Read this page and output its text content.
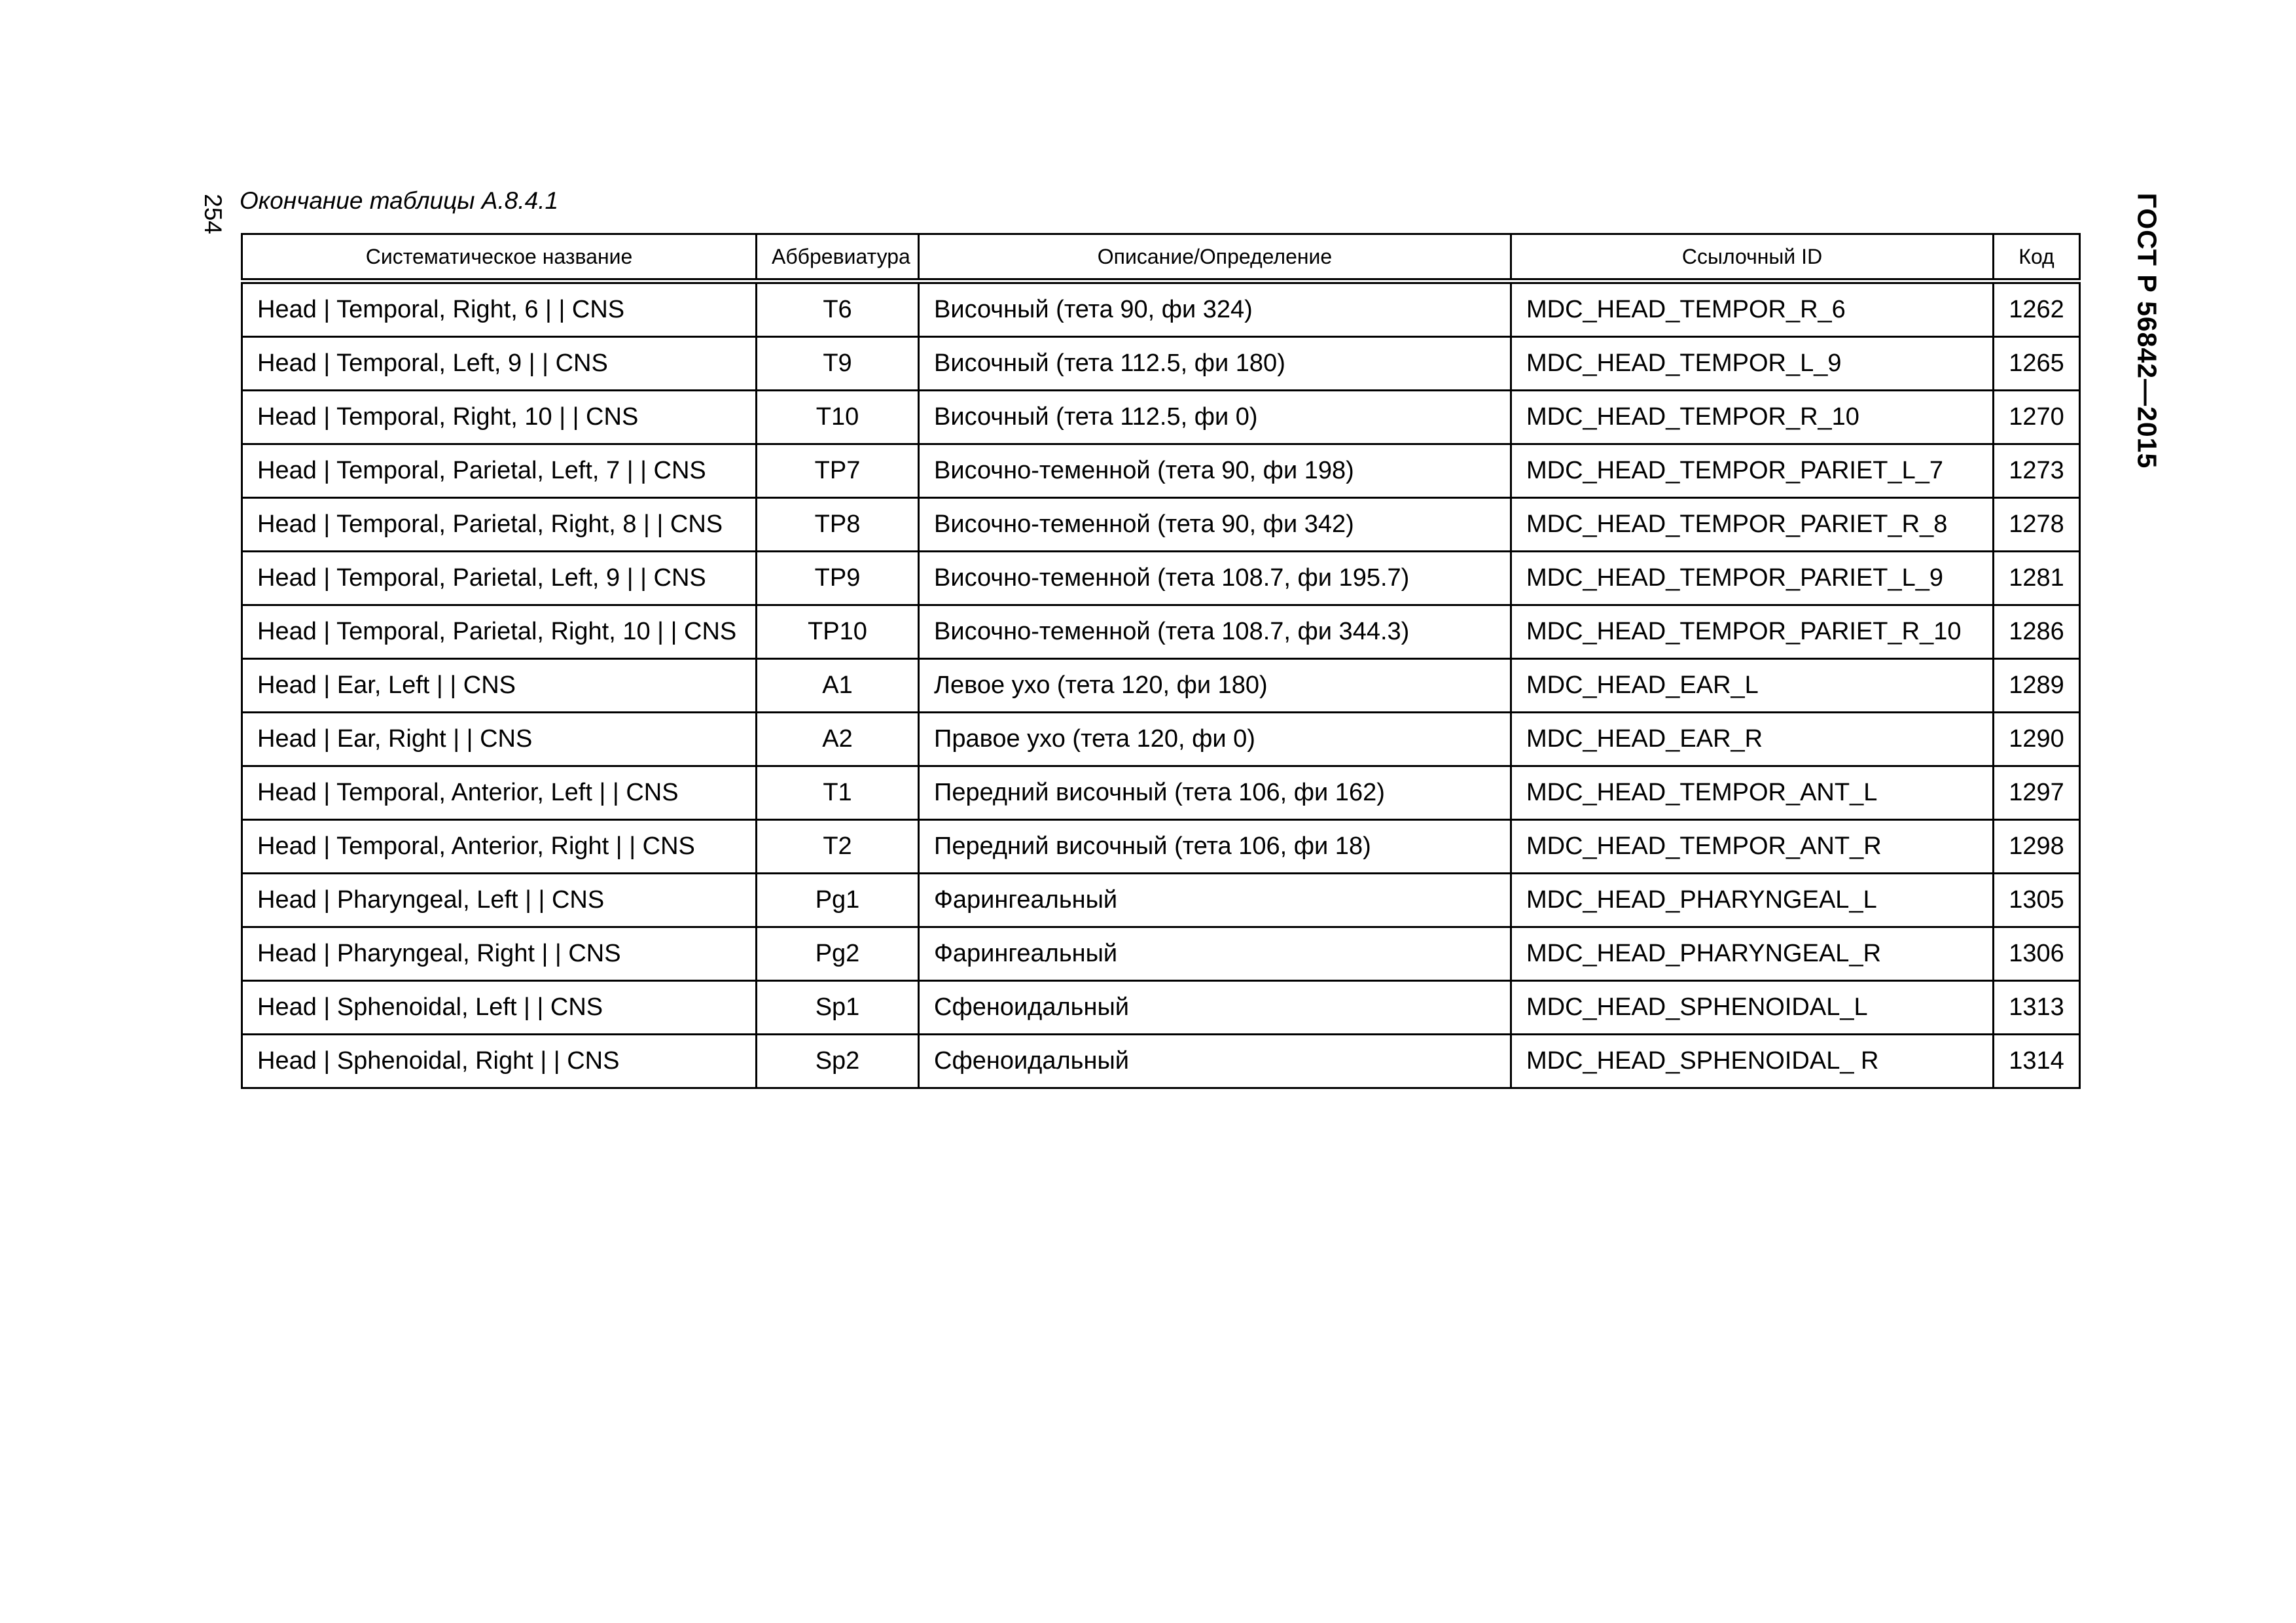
254	ГОСТ Р 56842—2015
Окончание таблицы А.8.4.1
Систематическое название	Аббревиатура	Описание/Определение	Ссылочный ID	Код
Head | Temporal, Right, 6 | | CNS	T6	Височный (тета 90, фи 324)	MDC_HEAD_TEMPOR_R_6	1262
Head | Temporal, Left, 9 | | CNS	T9	Височный (тета 112.5, фи 180)	MDC_HEAD_TEMPOR_L_9	1265
Head | Temporal, Right, 10 | | CNS	T10	Височный (тета 112.5, фи 0)	MDC_HEAD_TEMPOR_R_10	1270
Head | Temporal, Parietal, Left, 7 | | CNS	TP7	Височно-теменной (тета 90, фи 198)	MDC_HEAD_TEMPOR_PARIET_L_7	1273
Head | Temporal, Parietal, Right, 8 | | CNS	TP8	Височно-теменной (тета 90, фи 342)	MDC_HEAD_TEMPOR_PARIET_R_8	1278
Head | Temporal, Parietal, Left, 9 | | CNS	TP9	Височно-теменной (тета 108.7, фи 195.7)	MDC_HEAD_TEMPOR_PARIET_L_9	1281
Head | Temporal, Parietal, Right, 10 | | CNS	TP10	Височно-теменной (тета 108.7, фи 344.3)	MDC_HEAD_TEMPOR_PARIET_R_10	1286
Head | Ear, Left | | CNS	A1	Левое ухо (тета 120, фи 180)	MDC_HEAD_EAR_L	1289
Head | Ear, Right | | CNS	A2	Правое ухо (тета 120, фи 0)	MDC_HEAD_EAR_R	1290
Head | Temporal, Anterior, Left | | CNS	T1	Передний височный (тета 106, фи 162)	MDC_HEAD_TEMPOR_ANT_L	1297
Head | Temporal, Anterior, Right | | CNS	T2	Передний височный (тета 106, фи 18)	MDC_HEAD_TEMPOR_ANT_R	1298
Head | Pharyngeal, Left | | CNS	Pg1	Фарингеальный	MDC_HEAD_PHARYNGEAL_L	1305
Head | Pharyngeal, Right | | CNS	Pg2	Фарингеальный	MDC_HEAD_PHARYNGEAL_R	1306
Head | Sphenoidal, Left | | CNS	Sp1	Сфеноидальный	MDC_HEAD_SPHENOIDAL_L	1313
Head | Sphenoidal, Right | | CNS	Sp2	Сфеноидальный	MDC_HEAD_SPHENOIDAL_ R	1314
